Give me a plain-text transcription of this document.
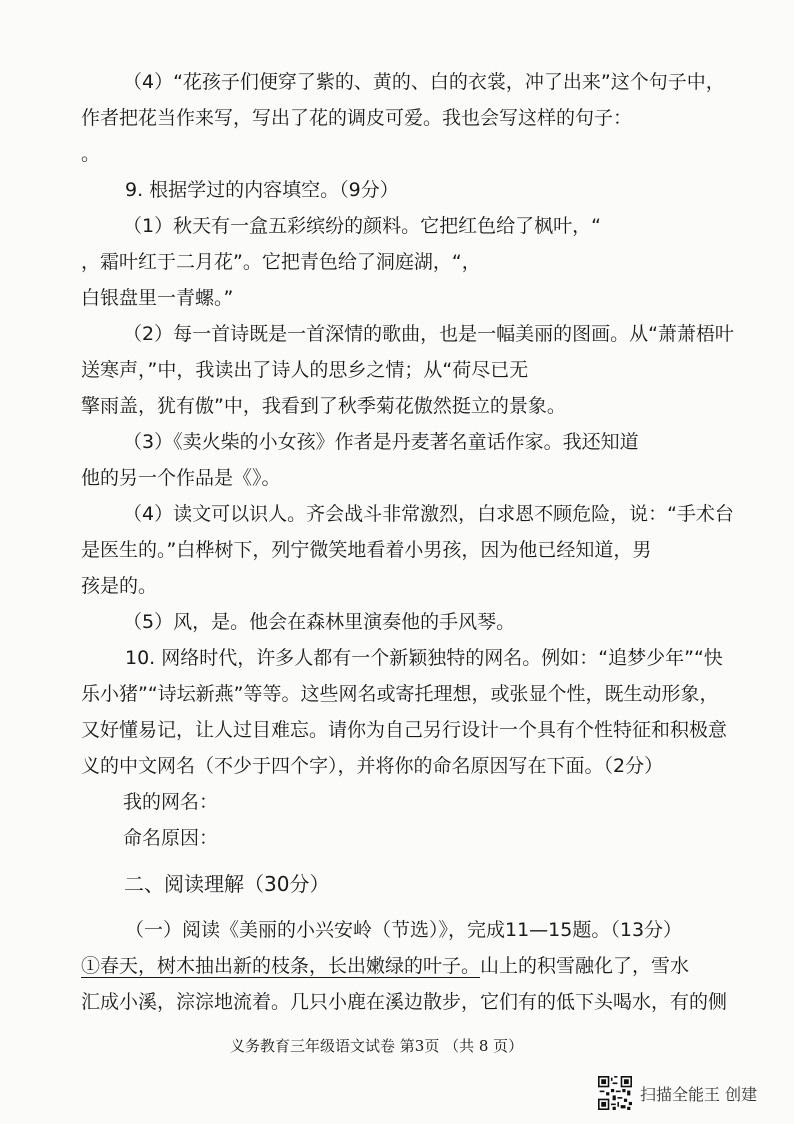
（4）“花孩子们便穿了紫的、黄的、白的衣裳，冲了出来”这个句子中，
作者把花当作来写，写出了花的调皮可爱。我也会写这样的句子：
。
9. 根据学过的内容填空。（9分）
（1）秋天有一盒五彩缤纷的颜料。它把红色给了枫叶，“
，霜叶红于二月花”。它把青色给了洞庭湖，“，
白银盘里一青螺。”
（2）每一首诗既是一首深情的歌曲，也是一幅美丽的图画。从“萧萧梧叶
送寒声，”中，我读出了诗人的思乡之情；从“荷尽已无
擎雨盖，犹有傲”中，我看到了秋季菊花傲然挺立的景象。
（3）《卖火柴的小女孩》作者是丹麦著名童话作家。我还知道
他的另一个作品是《》。
（4）读文可以识人。齐会战斗非常激烈，白求恩不顾危险，说：“手术台
是医生的。”白桦树下，列宁微笑地看着小男孩，因为他已经知道，男
孩是的。
（5）风，是。他会在森林里演奏他的手风琴。
10. 网络时代，许多人都有一个新颖独特的网名。例如：“追梦少年”“快
乐小猪”“诗坛新燕”等等。这些网名或寄托理想，或张显个性，既生动形象，
又好懂易记，让人过目难忘。请你为自己另行设计一个具有个性特征和积极意
义的中文网名（不少于四个字），并将你的命名原因写在下面。（2分）
我的网名：
命名原因：
二、阅读理解（30分）
（一）阅读《美丽的小兴安岭（节选）》，完成11—15题。（13分）
①春天，树木抽出新的枝条，长出嫩绿的叶子。山上的积雪融化了，雪水
汇成小溪，淙淙地流着。几只小鹿在溪边散步，它们有的低下头喝水，有的侧
义务教育三年级语文试卷 第3页 （共 8 页）
扫描全能王 创建
